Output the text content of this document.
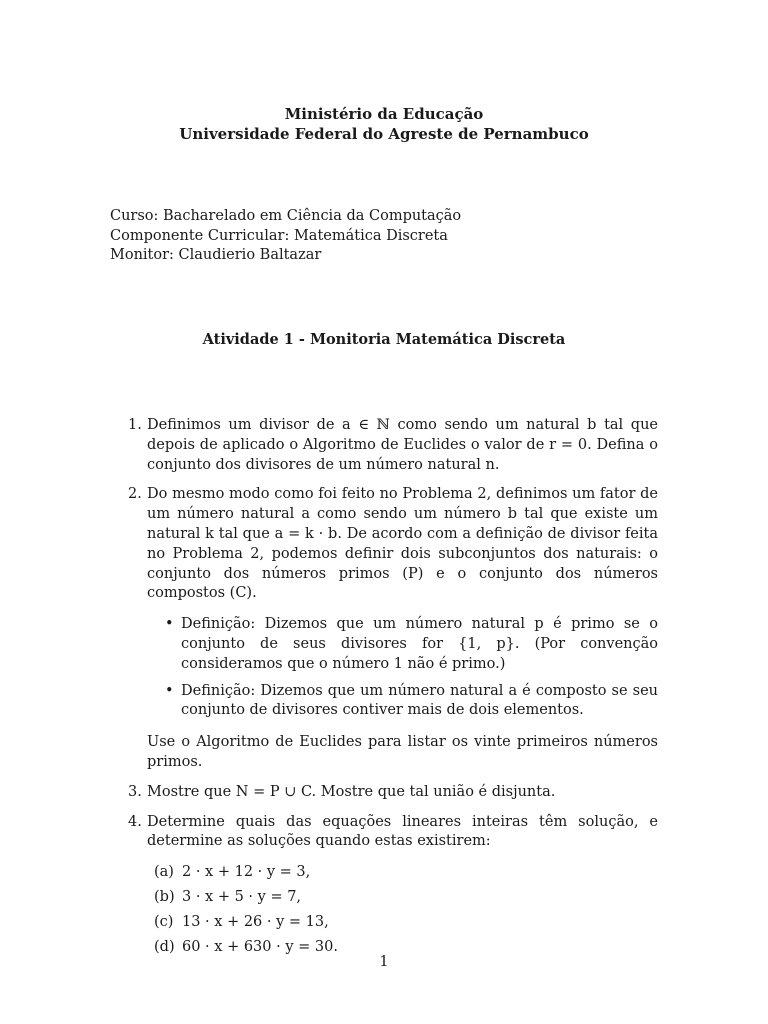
Ministério da Educação
Universidade Federal do Agreste de Pernambuco
Curso: Bacharelado em Ciência da Computação
Componente Curricular: Matemática Discreta
Monitor: Claudierio Baltazar
Atividade 1 - Monitoria Matemática Discreta
1. Definimos um divisor de a ∈ ℕ como sendo um natural b tal que depois de aplicado o Algoritmo de Euclides o valor de r = 0. Defina o conjunto dos divisores de um número natural n.

2. Do mesmo modo como foi feito no Problema 2, definimos um fator de um número natural a como sendo um número b tal que existe um natural k tal que a = k · b. De acordo com a definição de divisor feita no Problema 2, podemos definir dois subconjuntos dos naturais: o conjunto dos números primos (P) e o conjunto dos números compostos (C).

• Definição: Dizemos que um número natural p é primo se o conjunto de seus divisores for {1, p}. (Por convenção consideramos que o número 1 não é primo.)
• Definição: Dizemos que um número natural a é composto se seu conjunto de divisores contiver mais de dois elementos.

Use o Algoritmo de Euclides para listar os vinte primeiros números primos.

3. Mostre que N = P ∪ C. Mostre que tal união é disjunta.

4. Determine quais das equações lineares inteiras têm solução, e determine as soluções quando estas existirem:

(a) 2 · x + 12 · y = 3,
(b) 3 · x + 5 · y = 7,
(c) 13 · x + 26 · y = 13,
(d) 60 · x + 630 · y = 30.
1
